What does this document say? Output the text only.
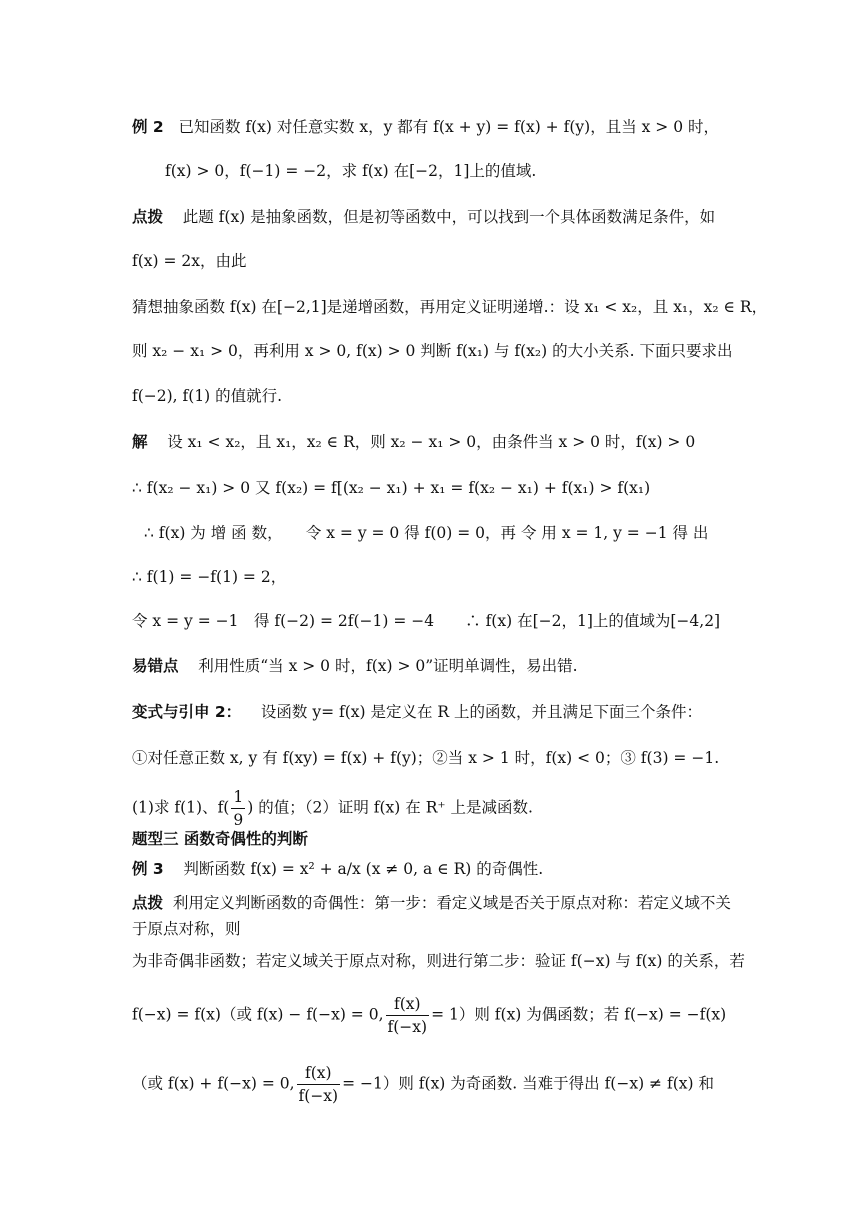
例 2 已知函数 f(x) 对任意实数 x，y 都有 f(x + y) = f(x) + f(y)，且当 x > 0 时，
f(x) > 0，f(−1) = −2，求 f(x) 在[−2，1]上的值域.
点拨 此题 f(x) 是抽象函数，但是初等函数中，可以找到一个具体函数满足条件，如
f(x) = 2x，由此
猜想抽象函数 f(x) 在[−2,1]是递增函数，再用定义证明递增.：设 x₁ < x₂，且 x₁，x₂ ∈ R，
则 x₂ − x₁ > 0，再利用 x > 0, f(x) > 0 判断 f(x₁) 与 f(x₂) 的大小关系. 下面只要求出
f(−2), f(1) 的值就行.
解 设 x₁ < x₂，且 x₁，x₂ ∈ R，则 x₂ − x₁ > 0，由条件当 x > 0 时，f(x) > 0
∴ f(x₂ − x₁) > 0 又 f(x₂) = f[(x₂ − x₁) + x₁ = f(x₂ − x₁) + f(x₁) > f(x₁)
∴ f(x) 为 增 函 数，　　令 x = y = 0 得 f(0) = 0，再 令 用 x = 1, y = −1 得 出
∴ f(1) = −f(1) = 2，
令 x = y = −1　得 f(−2) = 2f(−1) = −4　　∴ f(x) 在[−2，1]上的值域为[−4,2]
易错点 利用性质“当 x > 0 时，f(x) > 0”证明单调性，易出错.
变式与引申 2： 设函数 y= f(x) 是定义在 R 上的函数，并且满足下面三个条件：
①对任意正数 x, y 有 f(xy) = f(x) + f(y)；②当 x > 1 时，f(x) < 0；③ f(3) = −1.
(1)求 f(1)、$f( \frac{1}{9}$ ) 的值；（2）证明 f(x) 在 R⁺ 上是减函数.
题型三 函数奇偶性的判断
例 3 判断函数 f(x) = x² + a/x (x ≠ 0, a ∈ R) 的奇偶性.
点拨 利用定义判断函数的奇偶性：第一步：看定义域是否关于原点对称：若定义域不关于原点对称，则
为非奇偶非函数；若定义域关于原点对称，则进行第二步：验证 f(−x) 与 f(x) 的关系，若
f(−x) = f(x)（或 f(x) − f(−x) = 0, $\frac{f(x)}{f(-x)} = 1$）则 f(x) 为偶函数；若 f(−x) = −f(x)
（或 f(x) + f(−x) = 0, $\frac{f(x)}{f(-x)} = -1$）则 f(x) 为奇函数. 当难于得出 f(−x) ≠ f(x) 和
